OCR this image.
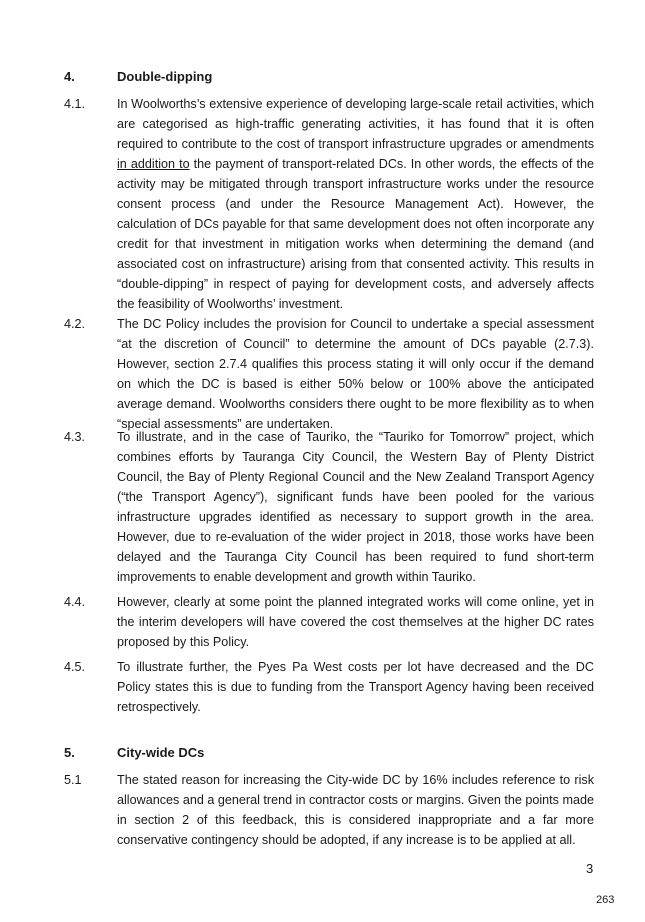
4.	Double-dipping
4.1.	In Woolworths’s extensive experience of developing large-scale retail activities, which are categorised as high-traffic generating activities, it has found that it is often required to contribute to the cost of transport infrastructure upgrades or amendments in addition to the payment of transport-related DCs. In other words, the effects of the activity may be mitigated through transport infrastructure works under the resource consent process (and under the Resource Management Act). However, the calculation of DCs payable for that same development does not often incorporate any credit for that investment in mitigation works when determining the demand (and associated cost on infrastructure) arising from that consented activity. This results in “double-dipping” in respect of paying for development costs, and adversely affects the feasibility of Woolworths’ investment.
4.2.	The DC Policy includes the provision for Council to undertake a special assessment “at the discretion of Council” to determine the amount of DCs payable (2.7.3). However, section 2.7.4 qualifies this process stating it will only occur if the demand on which the DC is based is either 50% below or 100% above the anticipated average demand. Woolworths considers there ought to be more flexibility as to when “special assessments” are undertaken.
4.3.	To illustrate, and in the case of Tauriko, the “Tauriko for Tomorrow” project, which combines efforts by Tauranga City Council, the Western Bay of Plenty District Council, the Bay of Plenty Regional Council and the New Zealand Transport Agency (“the Transport Agency”), significant funds have been pooled for the various infrastructure upgrades identified as necessary to support growth in the area. However, due to re-evaluation of the wider project in 2018, those works have been delayed and the Tauranga City Council has been required to fund short-term improvements to enable development and growth within Tauriko.
4.4.	However, clearly at some point the planned integrated works will come online, yet in the interim developers will have covered the cost themselves at the higher DC rates proposed by this Policy.
4.5.	To illustrate further, the Pyes Pa West costs per lot have decreased and the DC Policy states this is due to funding from the Transport Agency having been received retrospectively.
5.	City-wide DCs
5.1	The stated reason for increasing the City-wide DC by 16% includes reference to risk allowances and a general trend in contractor costs or margins. Given the points made in section 2 of this feedback, this is considered inappropriate and a far more conservative contingency should be adopted, if any increase is to be applied at all.
3
263
